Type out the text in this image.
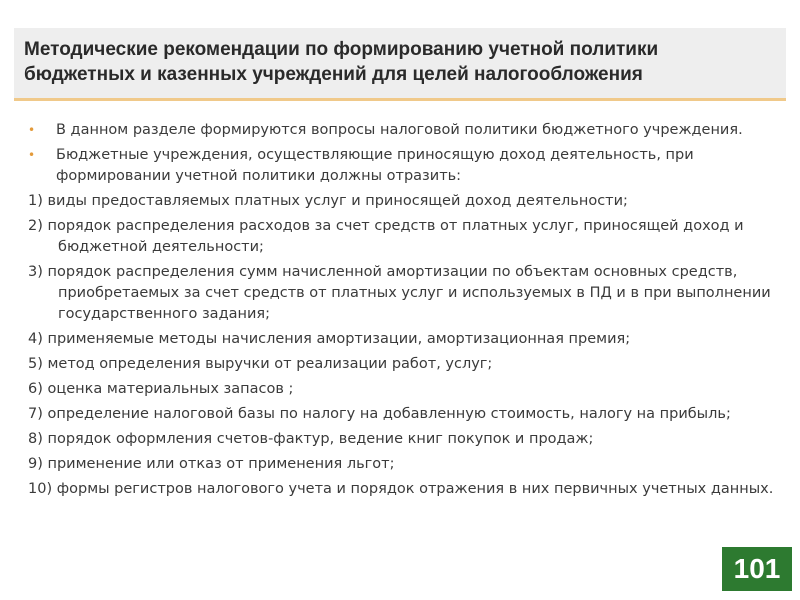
Методические рекомендации по формированию учетной политики
бюджетных и казенных учреждений для целей налогообложения
• В данном разделе формируются вопросы налоговой политики бюджетного учреждения.
• Бюджетные учреждения, осуществляющие приносящую доход деятельность, при формировании учетной политики должны отразить:
1) виды предоставляемых платных услуг и приносящей доход деятельности;
2) порядок распределения расходов за счет средств от платных услуг, приносящей доход и бюджетной деятельности;
3) порядок распределения сумм начисленной амортизации по объектам основных средств, приобретаемых за счет средств от платных услуг и используемых в ПД и в при выполнении государственного задания;
4) применяемые методы начисления амортизации, амортизационная премия;
5) метод определения выручки от реализации работ, услуг;
6) оценка материальных запасов ;
7) определение налоговой базы по налогу на добавленную стоимость, налогу на прибыль;
8) порядок оформления счетов-фактур, ведение книг покупок и продаж;
9) применение или отказ от применения льгот;
10) формы регистров налогового учета и порядок отражения в них первичных учетных данных.
101
